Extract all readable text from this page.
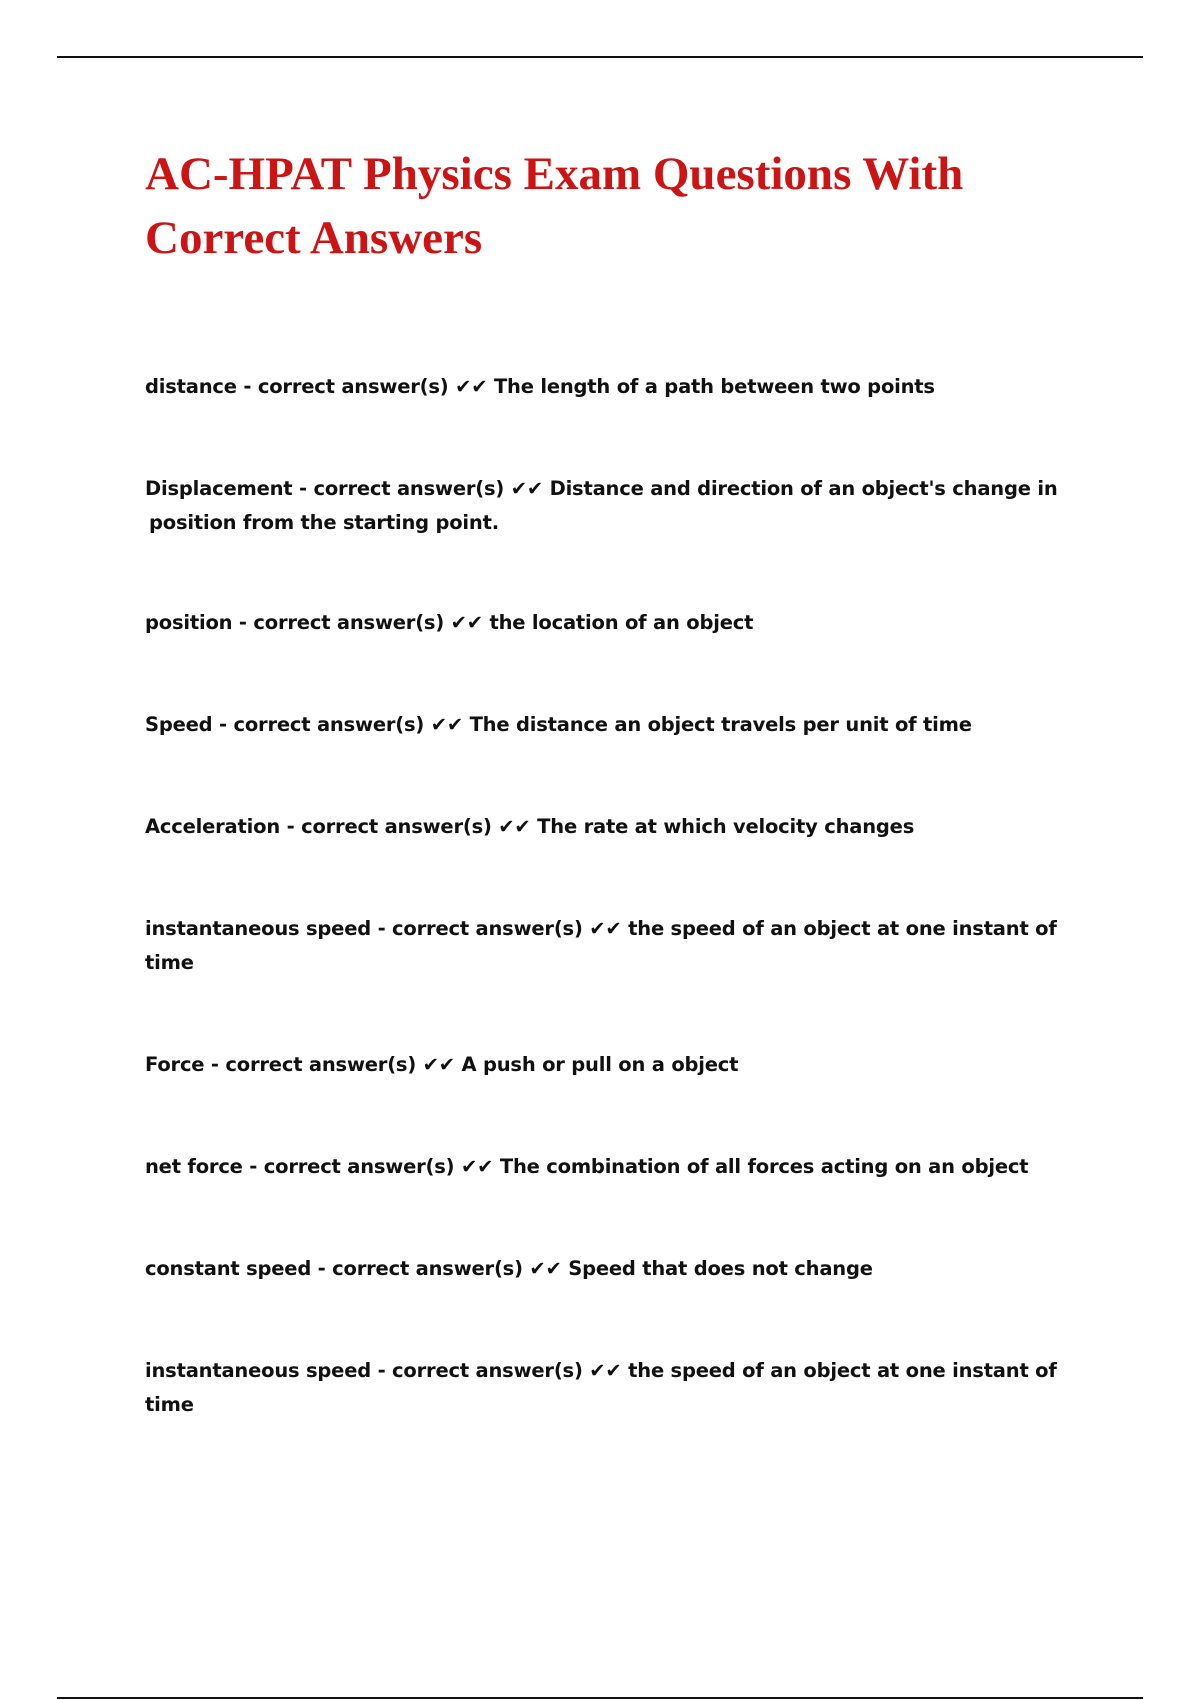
AC-HPAT Physics Exam Questions With Correct Answers
distance - correct answer(s) ✔✔ The length of a path between two points
Displacement - correct answer(s) ✔✔ Distance and direction of an object's change in
position from the starting point.
position - correct answer(s) ✔✔ the location of an object
Speed - correct answer(s) ✔✔ The distance an object travels per unit of time
Acceleration - correct answer(s) ✔✔ The rate at which velocity changes
instantaneous speed - correct answer(s) ✔✔ the speed of an object at one instant of time
Force - correct answer(s) ✔✔ A push or pull on a object
net force - correct answer(s) ✔✔ The combination of all forces acting on an object
constant speed - correct answer(s) ✔✔ Speed that does not change
instantaneous speed - correct answer(s) ✔✔ the speed of an object at one instant of time
